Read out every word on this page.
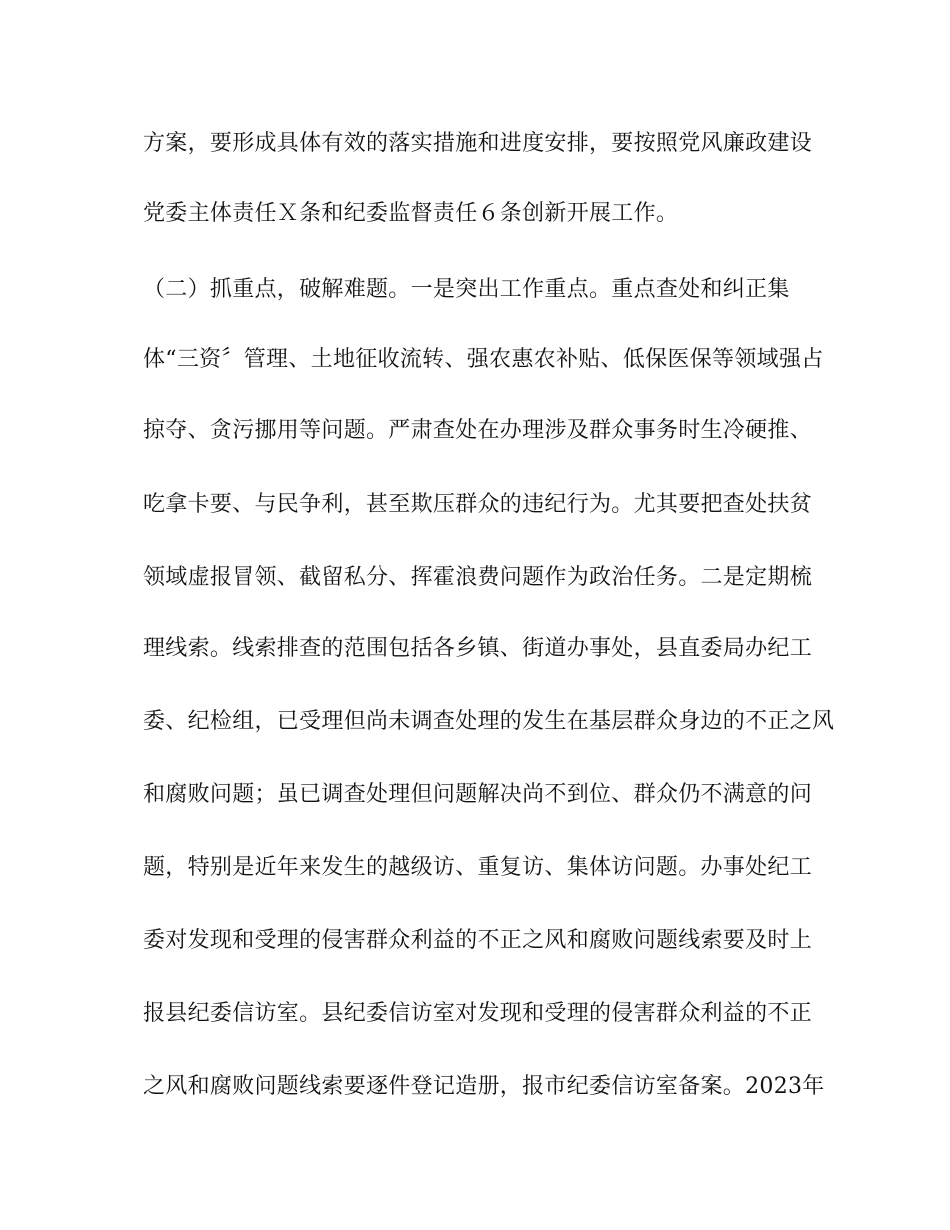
方案，要形成具体有效的落实措施和进度安排，要按照党风廉政建设
党委主体责任Ｘ条和纪委监督责任６条创新开展工作。
（二）抓重点，破解难题。一是突出工作重点。重点查处和纠正集
体“三资〞管理、土地征收流转、强农惠农补贴、低保医保等领域强占
掠夺、贪污挪用等问题。严肃查处在办理涉及群众事务时生冷硬推、
吃拿卡要、与民争利，甚至欺压群众的违纪行为。尤其要把查处扶贫
领域虚报冒领、截留私分、挥霍浪费问题作为政治任务。二是定期梳
理线索。线索排查的范围包括各乡镇、街道办事处，县直委局办纪工
委、纪检组，已受理但尚未调查处理的发生在基层群众身边的不正之风
和腐败问题；虽已调查处理但问题解决尚不到位、群众仍不满意的问
题，特别是近年来发生的越级访、重复访、集体访问题。办事处纪工
委对发现和受理的侵害群众利益的不正之风和腐败问题线索要及时上
报县纪委信访室。县纪委信访室对发现和受理的侵害群众利益的不正
之风和腐败问题线索要逐件登记造册，报市纪委信访室备案。2023年
